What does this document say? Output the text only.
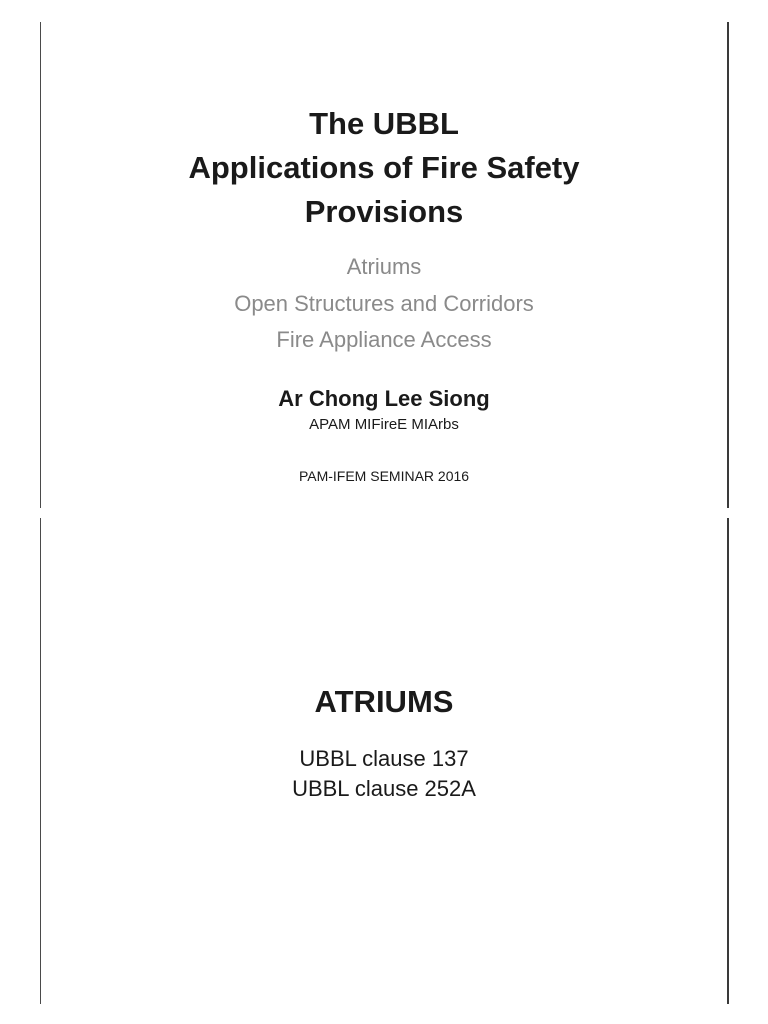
The UBBL
Applications of Fire Safety
Provisions
Atriums
Open Structures and Corridors
Fire Appliance Access
Ar Chong Lee Siong
APAM MIFireE MIArbs
PAM-IFEM SEMINAR 2016
ATRIUMS
UBBL clause 137
UBBL clause 252A
